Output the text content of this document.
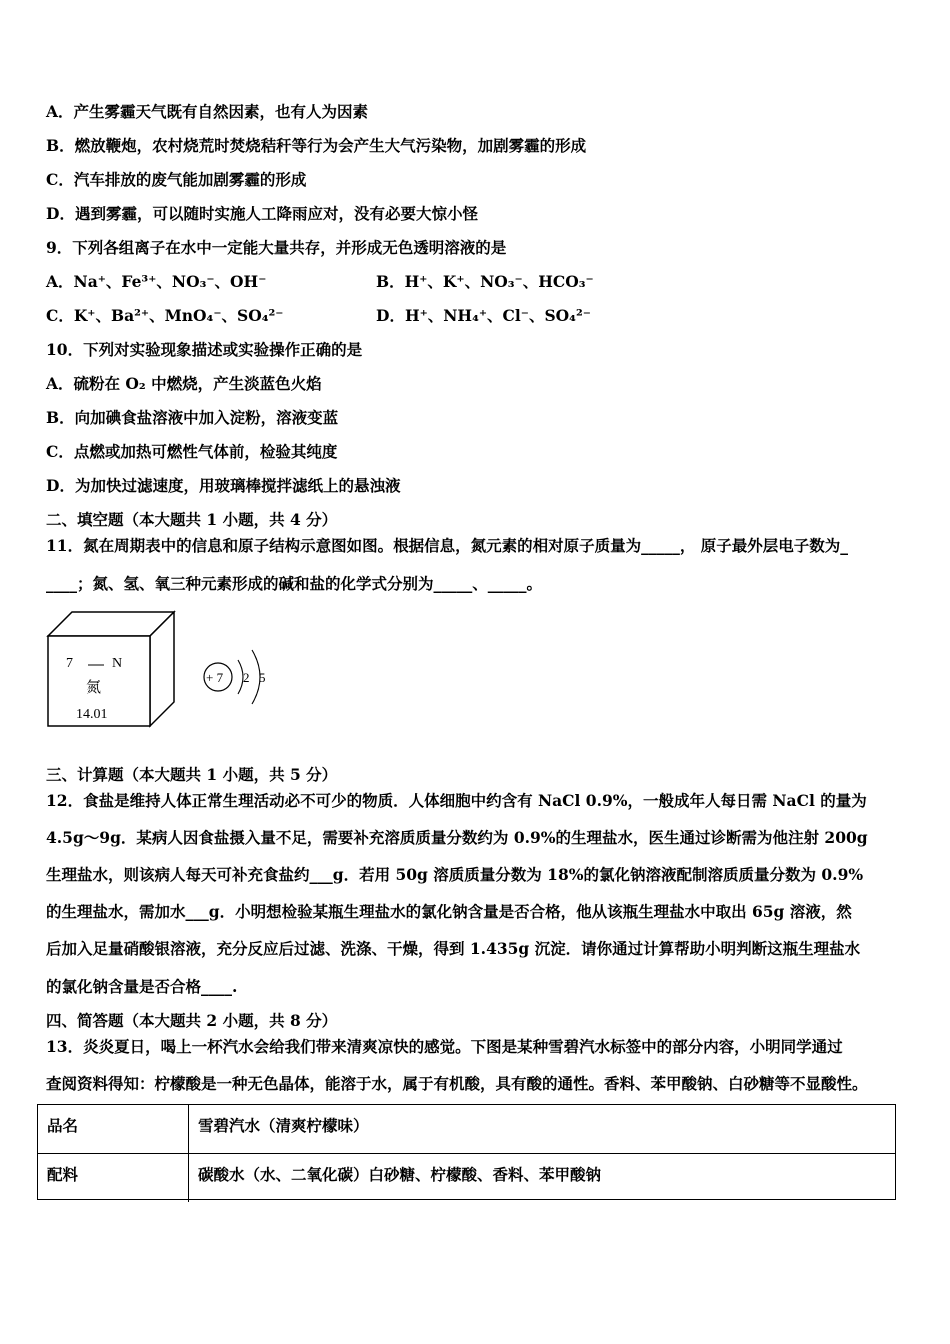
A．产生雾霾天气既有自然因素，也有人为因素
B．燃放鞭炮，农村烧荒时焚烧秸秆等行为会产生大气污染物，加剧雾霾的形成
C．汽车排放的废气能加剧雾霾的形成
D．遇到雾霾，可以随时实施人工降雨应对，没有必要大惊小怪
9．下列各组离子在水中一定能大量共存，并形成无色透明溶液的是
A．Na⁺、Fe³⁺、NO₃⁻、OH⁻	B．H⁺、K⁺、NO₃⁻、HCO₃⁻
C．K⁺、Ba²⁺、MnO₄⁻、SO₄²⁻	D．H⁺、NH₄⁺、Cl⁻、SO₄²⁻
10．下列对实验现象描述或实验操作正确的是
A．硫粉在 O₂ 中燃烧，产生淡蓝色火焰
B．向加碘食盐溶液中加入淀粉，溶液变蓝
C．点燃或加热可燃性气体前，检验其纯度
D．为加快过滤速度，用玻璃棒搅拌滤纸上的悬浊液
二、填空题（本大题共 1 小题，共 4 分）
11．氮在周期表中的信息和原子结构示意图如图。根据信息，氮元素的相对原子质量为_____， 原子最外层电子数为_
____；氮、氢、氧三种元素形成的碱和盐的化学式分别为_____、_____。
7	N
氮
14.01
+ 7 2 5
三、计算题（本大题共 1 小题，共 5 分）
12．食盐是维持人体正常生理活动必不可少的物质．人体细胞中约含有 NaCl 0.9%，一般成年人每日需 NaCl 的量为
4.5g～9g．某病人因食盐摄入量不足，需要补充溶质质量分数约为 0.9%的生理盐水，医生通过诊断需为他注射 200g
生理盐水，则该病人每天可补充食盐约___g．若用 50g 溶质质量分数为 18%的氯化钠溶液配制溶质质量分数为 0.9%
的生理盐水，需加水___g．小明想检验某瓶生理盐水的氯化钠含量是否合格，他从该瓶生理盐水中取出 65g 溶液，然
后加入足量硝酸银溶液，充分反应后过滤、洗涤、干燥，得到 1.435g 沉淀．请你通过计算帮助小明判断这瓶生理盐水
的氯化钠含量是否合格____.
四、简答题（本大题共 2 小题，共 8 分）
13．炎炎夏日，喝上一杯汽水会给我们带来清爽凉快的感觉。下图是某种雪碧汽水标签中的部分内容，小明同学通过
查阅资料得知：柠檬酸是一种无色晶体，能溶于水，属于有机酸，具有酸的通性。香料、苯甲酸钠、白砂糖等不显酸性。
品名	雪碧汽水（清爽柠檬味）
配料	碳酸水（水、二氧化碳）白砂糖、柠檬酸、香料、苯甲酸钠
